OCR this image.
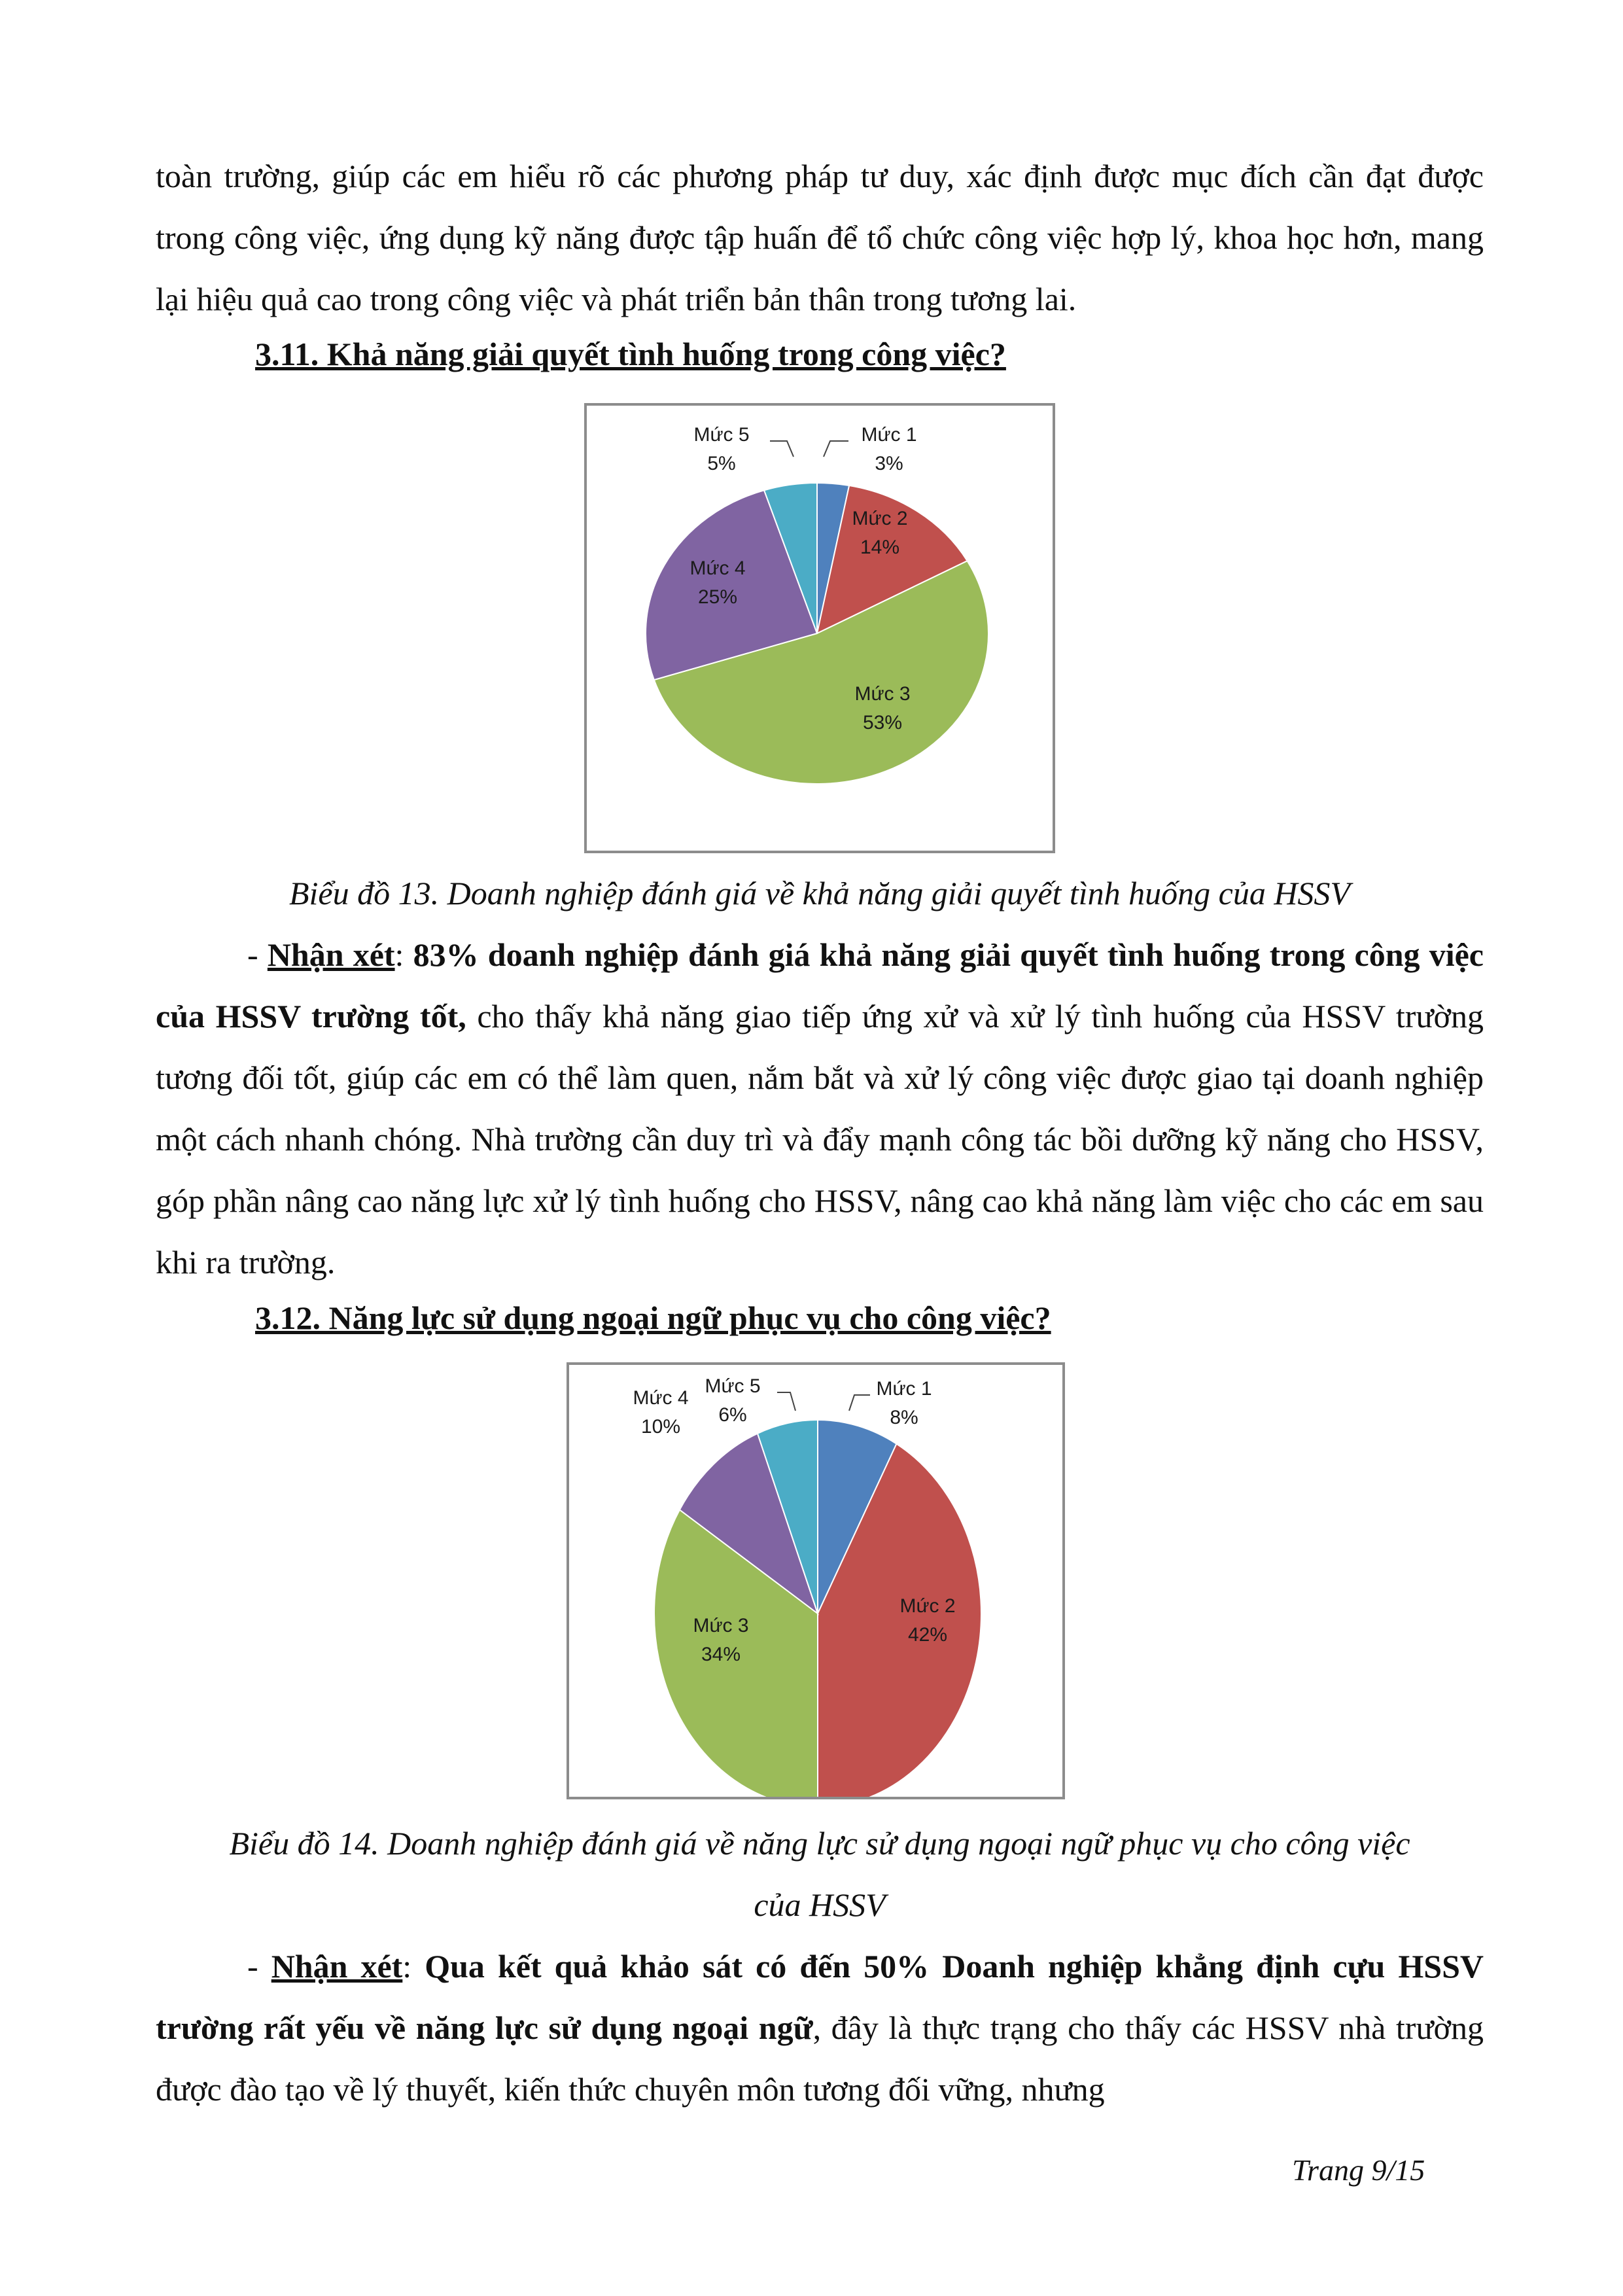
toàn trường, giúp các em hiểu rõ các phương pháp tư duy, xác định được mục đích cần đạt được trong công việc, ứng dụng kỹ năng được tập huấn để tổ chức công việc hợp lý, khoa học hơn, mang lại hiệu quả cao trong công việc và phát triển bản thân trong tương lai.

3.11. Khả năng giải quyết tình huống trong công việc?

Mức 1
3%
Mức 2
14%
Mức 3
53%
Mức 4
25%
Mức 5
5%

Biểu đồ 13. Doanh nghiệp đánh giá về khả năng giải quyết tình huống của HSSV

- Nhận xét: 83% doanh nghiệp đánh giá khả năng giải quyết tình huống trong công việc của HSSV trường tốt, cho thấy khả năng giao tiếp ứng xử và xử lý tình huống của HSSV trường tương đối tốt, giúp các em có thể làm quen, nắm bắt và xử lý công việc được giao tại doanh nghiệp một cách nhanh chóng. Nhà trường cần duy trì và đẩy mạnh công tác bồi dưỡng kỹ năng cho HSSV, góp phần nâng cao năng lực xử lý tình huống cho HSSV, nâng cao khả năng làm việc cho các em sau khi ra trường.

3.12. Năng lực sử dụng ngoại ngữ phục vụ cho công việc?

Mức 1
8%
Mức 2
42%
Mức 3
34%
Mức 4
10%
Mức 5
6%

Biểu đồ 14. Doanh nghiệp đánh giá về năng lực sử dụng ngoại ngữ phục vụ cho công việc

của HSSV

- Nhận xét: Qua kết quả khảo sát có đến 50% Doanh nghiệp khẳng định cựu HSSV trường rất yếu về năng lực sử dụng ngoại ngữ, đây là thực trạng cho thấy các HSSV nhà trường được đào tạo về lý thuyết, kiến thức chuyên môn tương đối vững, nhưng

Trang 9/15
